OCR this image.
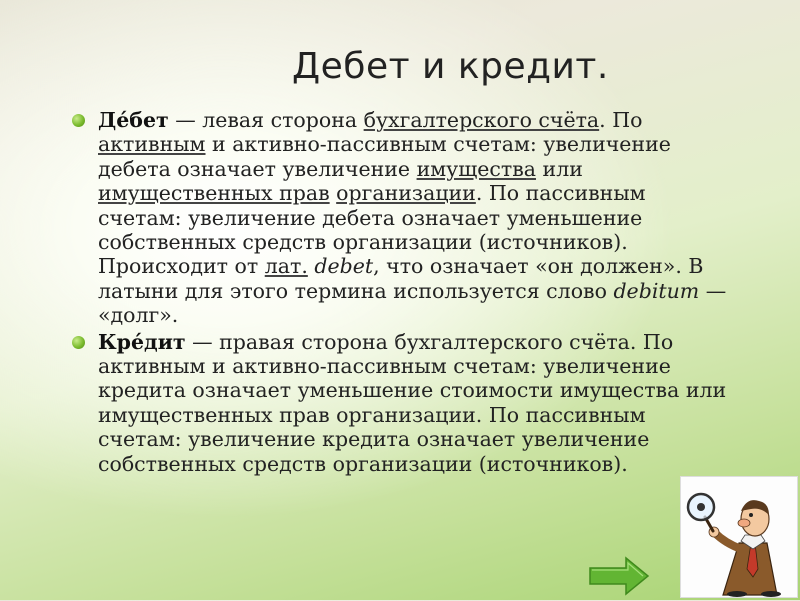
Дебет и кредит.

Де́бет — левая сторона бухгалтерского счёта. По активным и активно-пассивным счетам: увеличение дебета означает увеличение имущества или имущественных прав организации. По пассивным счетам: увеличение дебета означает уменьшение собственных средств организации (источников). Происходит от лат. debet, что означает «он должен». В латыни для этого термина используется слово debitum — «долг».

Кре́дит — правая сторона бухгалтерского счёта. По активным и активно-пассивным счетам: увеличение кредита означает уменьшение стоимости имущества или имущественных прав организации. По пассивным счетам: увеличение кредита означает увеличение собственных средств организации (источников).
